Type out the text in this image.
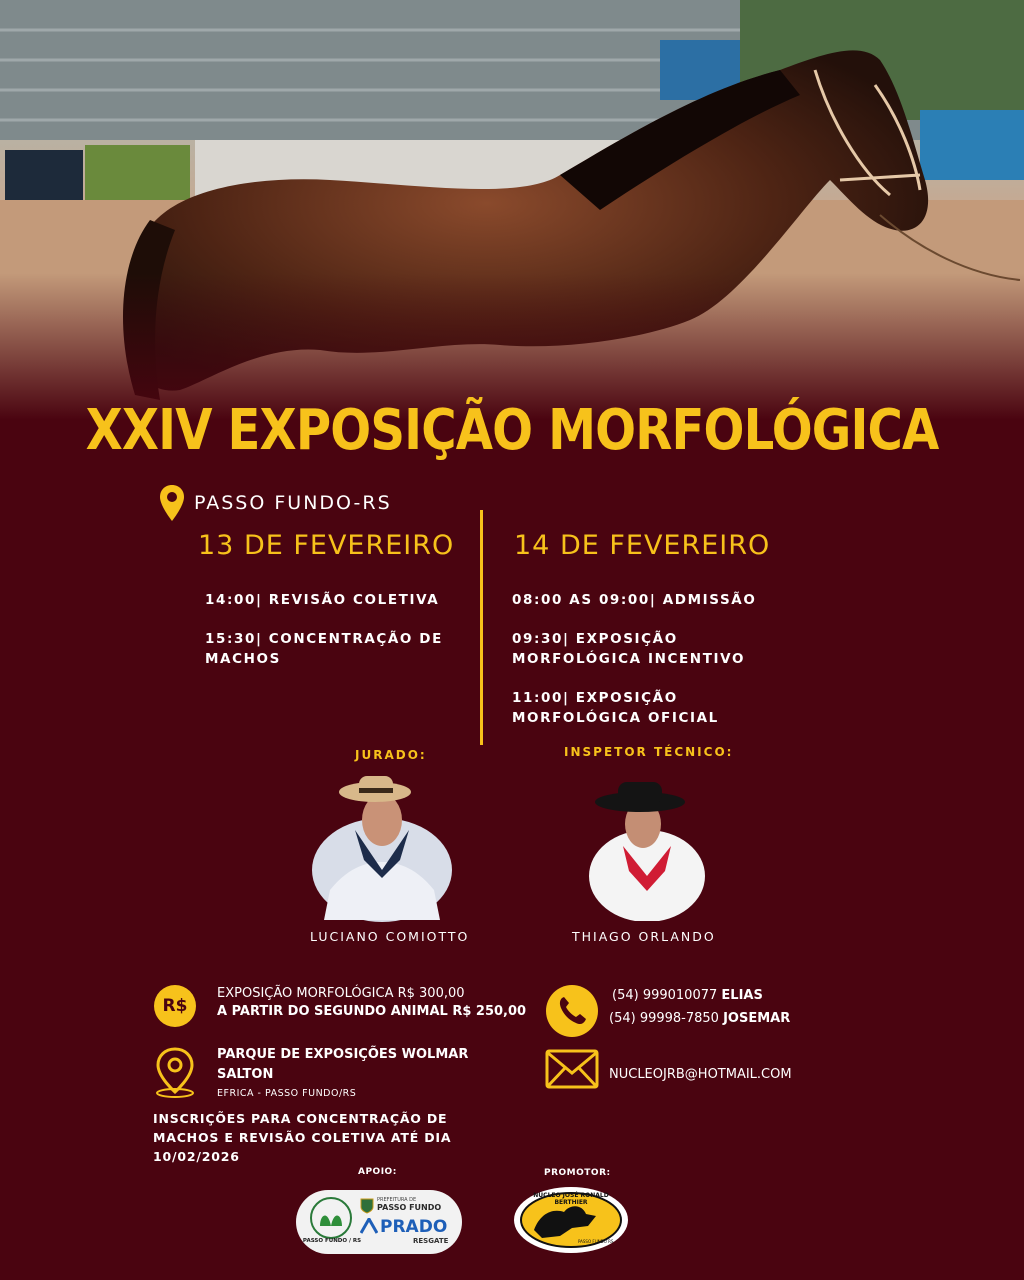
XXIV EXPOSIÇÃO MORFOLÓGICA
PASSO FUNDO-RS
13 DE FEVEREIRO 14 DE FEVEREIRO
14:00| REVISÃO COLETIVA
15:30| CONCENTRAÇÃO DE MACHOS
08:00 AS 09:00| ADMISSÃO
09:30| EXPOSIÇÃO MORFOLÓGICA INCENTIVO
11:00| EXPOSIÇÃO MORFOLÓGICA OFICIAL
JURADO:	INSPETOR TÉCNICO:
LUCIANO COMIOTTO	THIAGO ORLANDO
R$
EXPOSIÇÃO MORFOLÓGICA R$ 300,00
A PARTIR DO SEGUNDO ANIMAL R$ 250,00
PARQUE DE EXPOSIÇÕES WOLMAR SALTON
EFRICA - PASSO FUNDO/RS
INSCRIÇÕES PARA CONCENTRAÇÃO DE MACHOS E REVISÃO COLETIVA ATÉ DIA 10/02/2026
(54) 999010077 ELIAS
(54) 99998-7850 JOSEMAR
NUCLEOJRB@HOTMAIL.COM
APOIO:	PROMOTOR:
PASSO FUNDO / RS
PREFEITURA DE
PASSO FUNDO
PRADO
RESGATE
NÚCLEO JOSÉ RONALD BERTHIER
PASSO FUNDO RS
